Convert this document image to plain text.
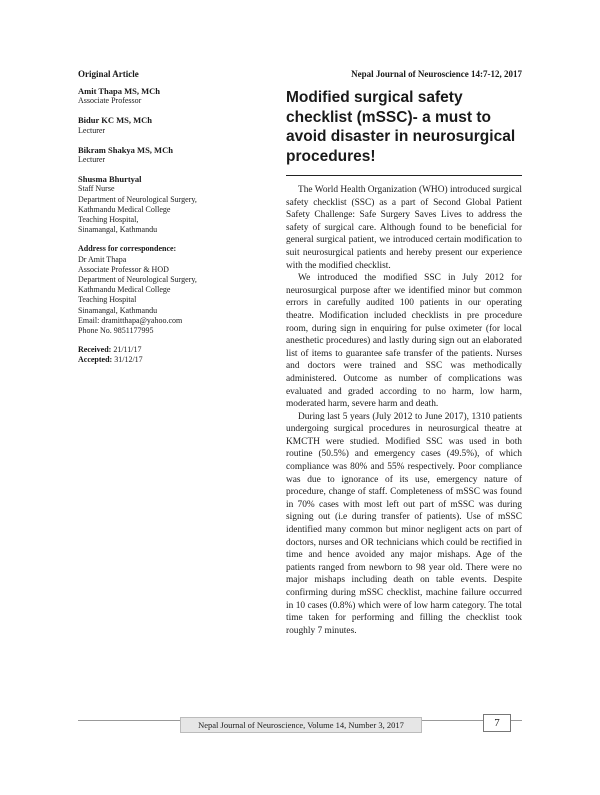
Original Article	Nepal Journal of Neuroscience 14:7-12, 2017
Amit Thapa MS, MCh
Associate Professor
Bidur KC MS, MCh
Lecturer
Bikram Shakya MS, MCh
Lecturer
Shusma Bhurtyal
Staff Nurse
Department of Neurological Surgery,
Kathmandu Medical College
Teaching Hospital,
Sinamangal, Kathmandu
Address for correspondence:
Dr Amit Thapa
Associate Professor & HOD
Department of Neurological Surgery,
Kathmandu Medical College
Teaching Hospital
Sinamangal, Kathmandu
Email: dramitthapa@yahoo.com
Phone No. 9851177995
Received: 21/11/17
Accepted: 31/12/17
Modified surgical safety checklist (mSSC)- a must to avoid disaster in neurosurgical procedures!

The World Health Organization (WHO) introduced surgical safety checklist (SSC) as a part of Second Global Patient Safety Challenge: Safe Surgery Saves Lives to address the safety of surgical care. Although found to be beneficial for general surgical patient, we introduced certain modification to suit neurosurgical patients and hereby present our experience with the modified checklist.

We introduced the modified SSC in July 2012 for neurosurgical purpose after we identified minor but common errors in carefully audited 100 patients in our operating theatre. Modification included checklists in pre procedure room, during sign in enquiring for pulse oximeter (for local anesthetic procedures) and lastly during sign out an elaborated list of items to guarantee safe transfer of the patients. Nurses and doctors were trained and SSC was methodically administered. Outcome as number of complications was evaluated and graded according to no harm, low harm, moderated harm, severe harm and death.

During last 5 years (July 2012 to June 2017), 1310 patients undergoing surgical procedures in neurosurgical theatre at KMCTH were studied. Modified SSC was used in both routine (50.5%) and emergency cases (49.5%), of which compliance was 80% and 55% respectively. Poor compliance was due to ignorance of its use, emergency nature of procedure, change of staff. Completeness of mSSC was found in 70% cases with most left out part of mSSC was during signing out (i.e during transfer of patients). Use of mSSC identified many common but minor negligent acts on part of doctors, nurses and OR technicians which could be rectified in time and hence avoided any major mishaps. Age of the patients ranged from newborn to 98 year old. There were no major mishaps including death on table events. Despite confirming during mSSC checklist, machine failure occurred in 10 cases (0.8%) which were of low harm category. The total time taken for performing and filling the checklist took roughly 7 minutes.

Nepal Journal of Neuroscience, Volume 14, Number 3, 2017	7
